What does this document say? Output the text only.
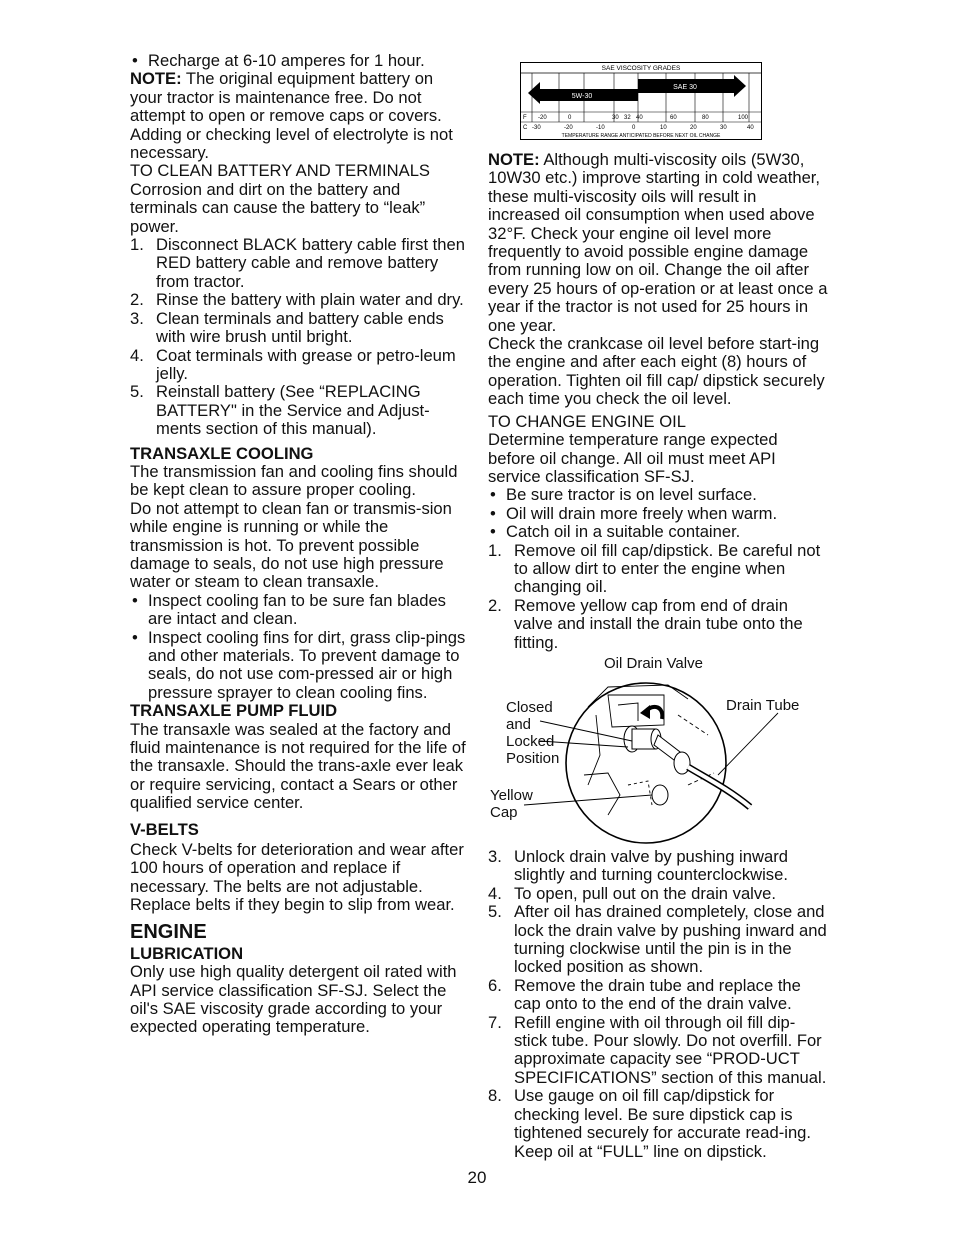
• Recharge at 6-10 amperes for 1 hour.

NOTE: The original equipment battery on your tractor is maintenance free. Do not attempt to open or remove caps or covers. Adding or checking level of electrolyte is not necessary.

TO CLEAN BATTERY AND TERMINALS

Corrosion and dirt on the battery and terminals can cause the battery to “leak” power.

1. Disconnect BLACK battery cable first then RED battery cable and remove battery from tractor.
2. Rinse the battery with plain water and dry.
3. Clean terminals and battery cable ends with wire brush until bright.
4. Coat terminals with grease or petro-leum jelly.
5. Reinstall battery (See “REPLACING BATTERY" in the Service and Adjust-ments section of this manual).

TRANSAXLE COOLING

The transmission fan and cooling fins should be kept clean to assure proper cooling.

Do not attempt to clean fan or transmis-sion while engine is running or while the transmission is hot. To prevent possible damage to seals, do not use high pressure water or steam to clean transaxle.

• Inspect cooling fan to be sure fan blades are intact and clean.
• Inspect cooling fins for dirt, grass clip-pings and other materials. To prevent damage to seals, do not use com-pressed air or high pressure sprayer to clean cooling fins.

TRANSAXLE PUMP FLUID

The transaxle was sealed at the factory and fluid maintenance is not required for the life of the transaxle. Should the trans-axle ever leak or require servicing, contact a Sears or other qualified service center.

V-BELTS

Check V-belts for deterioration and wear after 100 hours of operation and replace if necessary. The belts are not adjustable. Replace belts if they begin to slip from wear.

ENGINE

LUBRICATION

Only use high quality detergent oil rated with API service classification SF-SJ. Select the oil's SAE viscosity grade according to your expected operating temperature.

SAE VISCOSITY GRADES
SAE 30
5W-30
F -20	0	30 32 40	60	80	100
C -30	-20	-10	0	10	20	30	40
TEMPERATURE RANGE ANTICIPATED BEFORE NEXT OIL CHANGE

NOTE: Although multi-viscosity oils (5W30, 10W30 etc.) improve starting in cold weather, these multi-viscosity oils will result in increased oil consumption when used above 32°F. Check your engine oil level more frequently to avoid possible engine damage from running low on oil. Change the oil after every 25 hours of op-eration or at least once a year if the tractor is not used for 25 hours in one year.

Check the crankcase oil level before start-ing the engine and after each eight (8) hours of operation. Tighten oil fill cap/ dipstick securely each time you check the oil level.

TO CHANGE ENGINE OIL

Determine temperature range expected before oil change. All oil must meet API service classification SF-SJ.

• Be sure tractor is on level surface.
• Oil will drain more freely when warm.
• Catch oil in a suitable container.
1. Remove oil fill cap/dipstick. Be careful not to allow dirt to enter the engine when changing oil.
2. Remove yellow cap from end of drain valve and install the drain tube onto the fitting.
Oil Drain Valve
Closed
and
Locked
Position
Drain Tube
Yellow
Cap
3. Unlock drain valve by pushing inward slightly and turning counterclockwise.
4. To open, pull out on the drain valve.
5. After oil has drained completely, close and lock the drain valve by pushing inward and turning clockwise until the pin is in the locked position as shown.
6. Remove the drain tube and replace the cap onto to the end of the drain valve.
7. Refill engine with oil through oil fill dip-stick tube. Pour slowly. Do not overfill. For approximate capacity see “PROD-UCT SPECIFICATIONS” section of this manual.
8. Use gauge on oil fill cap/dipstick for checking level. Be sure dipstick cap is tightened securely for accurate read-ing. Keep oil at “FULL” line on dipstick.
20
